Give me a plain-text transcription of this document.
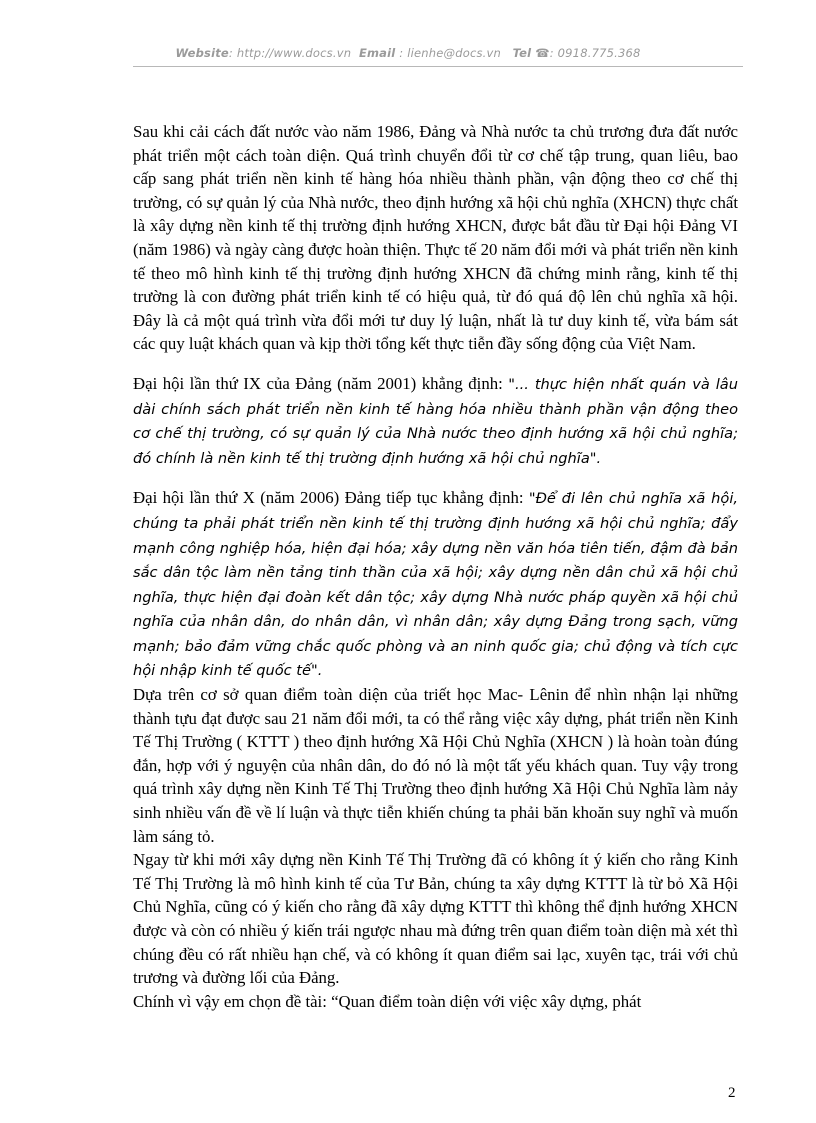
Website: http://www.docs.vn Email : lienhe@docs.vn Tel ☎: 0918.775.368

Sau khi cải cách đất nước vào năm 1986, Đảng và Nhà nước ta chủ trương đưa đất nước phát triển một cách toàn diện. Quá trình chuyển đổi từ cơ chế tập trung, quan liêu, bao cấp sang phát triển nền kinh tế hàng hóa nhiều thành phần, vận động theo cơ chế thị trường, có sự quản lý của Nhà nước, theo định hướng xã hội chủ nghĩa (XHCN) thực chất là xây dựng nền kinh tế thị trường định hướng XHCN, được bắt đầu từ Đại hội Đảng VI (năm 1986) và ngày càng được hoàn thiện. Thực tế 20 năm đổi mới và phát triển nền kinh tế theo mô hình kinh tế thị trường định hướng XHCN đã chứng minh rằng, kinh tế thị trường là con đường phát triển kinh tế có hiệu quả, từ đó quá độ lên chủ nghĩa xã hội. Đây là cả một quá trình vừa đổi mới tư duy lý luận, nhất là tư duy kinh tế, vừa bám sát các quy luật khách quan và kịp thời tổng kết thực tiễn đầy sống động của Việt Nam.

Đại hội lần thứ IX của Đảng (năm 2001) khẳng định: "... thực hiện nhất quán và lâu dài chính sách phát triển nền kinh tế hàng hóa nhiều thành phần vận động theo cơ chế thị trường, có sự quản lý của Nhà nước theo định hướng xã hội chủ nghĩa; đó chính là nền kinh tế thị trường định hướng xã hội chủ nghĩa".

Đại hội lần thứ X (năm 2006) Đảng tiếp tục khẳng định: "Để đi lên chủ nghĩa xã hội, chúng ta phải phát triển nền kinh tế thị trường định hướng xã hội chủ nghĩa; đẩy mạnh công nghiệp hóa, hiện đại hóa; xây dựng nền văn hóa tiên tiến, đậm đà bản sắc dân tộc làm nền tảng tinh thần của xã hội; xây dựng nền dân chủ xã hội chủ nghĩa, thực hiện đại đoàn kết dân tộc; xây dựng Nhà nước pháp quyền xã hội chủ nghĩa của nhân dân, do nhân dân, vì nhân dân; xây dựng Đảng trong sạch, vững mạnh; bảo đảm vững chắc quốc phòng và an ninh quốc gia; chủ động và tích cực hội nhập kinh tế quốc tế".

Dựa trên cơ sở quan điểm toàn diện của triết học Mac- Lênin để nhìn nhận lại những thành tựu đạt được sau 21 năm đổi mới, ta có thể rằng việc xây dựng, phát triển nền Kinh Tế Thị Trường ( KTTT ) theo định hướng Xã Hội Chủ Nghĩa (XHCN ) là hoàn toàn đúng đắn, hợp với ý nguyện của nhân dân, do đó nó là một tất yếu khách quan. Tuy vậy trong quá trình xây dựng nền Kinh Tế Thị Trường theo định hướng Xã Hội Chủ Nghĩa làm nảy sinh nhiều vấn đề về lí luận và thực tiễn khiến chúng ta phải băn khoăn suy nghĩ và muốn làm sáng tỏ.

Ngay từ khi mới xây dựng nền Kinh Tế Thị Trường đã có không ít ý kiến cho rằng Kinh Tế Thị Trường là mô hình kinh tế của Tư Bản, chúng ta xây dựng KTTT là từ bỏ Xã Hội Chủ Nghĩa, cũng có ý kiến cho rằng đã xây dựng KTTT thì không thể định hướng XHCN được và còn có nhiều ý kiến trái ngược nhau mà đứng trên quan điểm toàn diện mà xét thì chúng đều có rất nhiều hạn chế, và có không ít quan điểm sai lạc, xuyên tạc, trái với chủ trương và đường lối của Đảng.

Chính vì vậy em chọn đề tài: “Quan điểm toàn diện với việc xây dựng, phát

2
